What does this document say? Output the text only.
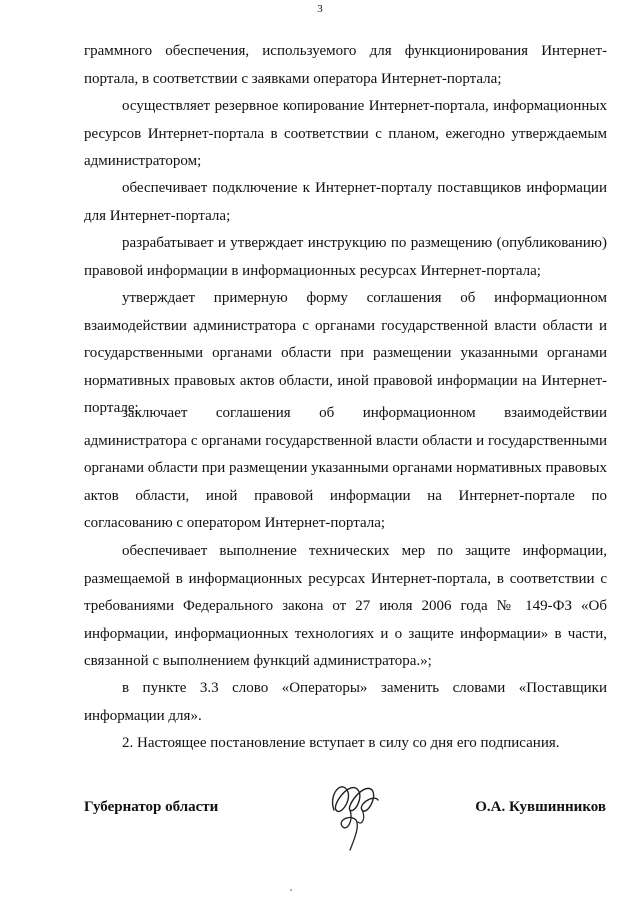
3

граммного обеспечения, используемого для функционирования Интернет-портала, в соответствии с заявками оператора Интернет-портала;

осуществляет резервное копирование Интернет-портала, информационных ресурсов Интернет-портала в соответствии с планом, ежегодно утверждаемым администратором;

обеспечивает подключение к Интернет-порталу поставщиков информации для Интернет-портала;

разрабатывает и утверждает инструкцию по размещению (опубликованию) правовой информации в информационных ресурсах Интернет-портала;

утверждает примерную форму соглашения об информационном взаимодействии администратора с органами государственной власти области и государственными органами области при размещении указанными органами нормативных правовых актов области, иной правовой информации на Интернет-портале;

заключает соглашения об информационном взаимодействии администратора с органами государственной власти области и государственными органами области при размещении указанными органами нормативных правовых актов области, иной правовой информации на Интернет-портале по согласованию с оператором Интернет-портала;

обеспечивает выполнение технических мер по защите информации, размещаемой в информационных ресурсах Интернет-портала, в соответствии с требованиями Федерального закона от 27 июля 2006 года № 149-ФЗ «Об информации, информационных технологиях и о защите информации» в части, связанной с выполнением функций администратора.»;

в пункте 3.3 слово «Операторы» заменить словами «Поставщики информации для».

2. Настоящее постановление вступает в силу со дня его подписания.

Губернатор области	О.А. Кувшинников
